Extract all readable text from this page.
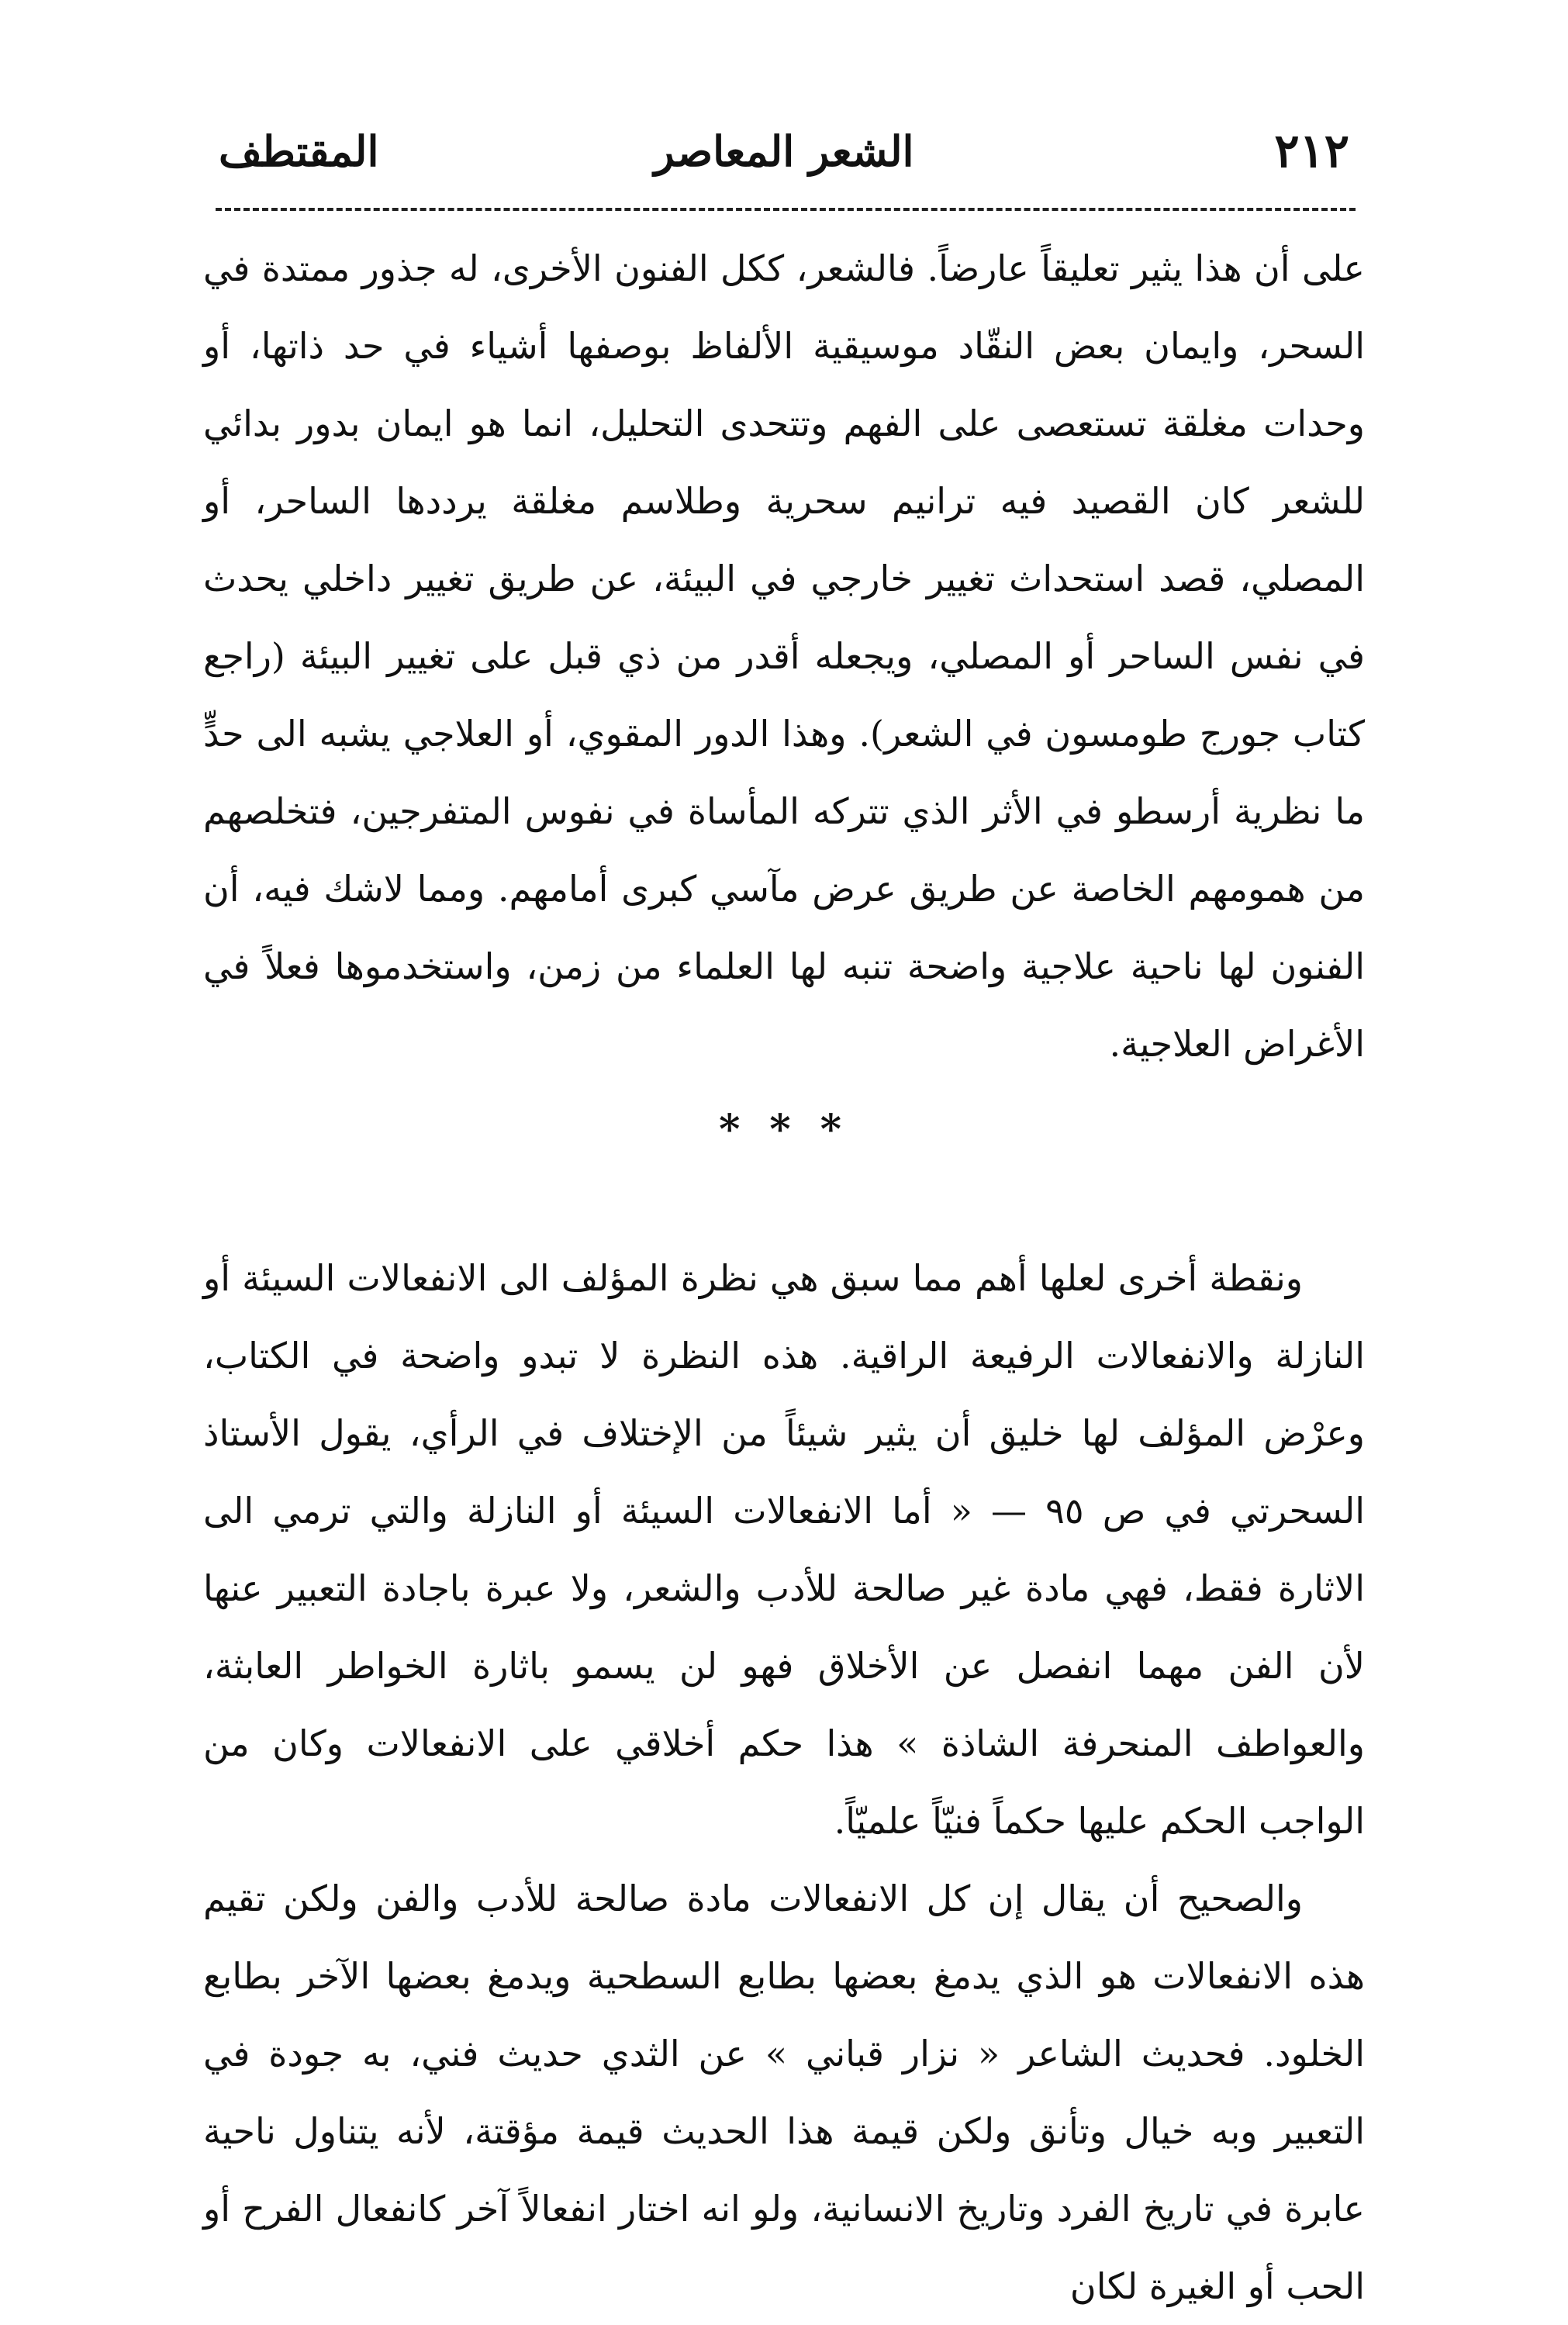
٢١٢
الشعر المعاصر
المقتطف

على أن هذا يثير تعليقاً عارضاً. فالشعر، ككل الفنون الأخرى، له جذور ممتدة في السحر، وايمان بعض النقّاد موسيقية الألفاظ بوصفها أشياء في حد ذاتها، أو وحدات مغلقة تستعصى على الفهم وتتحدى التحليل، انما هو ايمان بدور بدائي للشعر كان القصيد فيه ترانيم سحرية وطلاسم مغلقة يرددها الساحر، أو المصلي، قصد استحداث تغيير خارجي في البيئة، عن طريق تغيير داخلي يحدث في نفس الساحر أو المصلي، ويجعله أقدر من ذي قبل على تغيير البيئة (راجع كتاب جورج طومسون في الشعر). وهذا الدور المقوي، أو العلاجي يشبه الى حدٍّ ما نظرية أرسطو في الأثر الذي تتركه المأساة في نفوس المتفرجين، فتخلصهم من همومهم الخاصة عن طريق عرض مآسي كبرى أمامهم. ومما لاشك فيه، أن الفنون لها ناحية علاجية واضحة تنبه لها العلماء من زمن، واستخدموها فعلاً في الأغراض العلاجية.

* * *

ونقطة أخرى لعلها أهم مما سبق هي نظرة المؤلف الى الانفعالات السيئة أو النازلة والانفعالات الرفيعة الراقية. هذه النظرة لا تبدو واضحة في الكتاب، وعرْض المؤلف لها خليق أن يثير شيئاً من الإختلاف في الرأي، يقول الأستاذ السحرتي في ص ٩٥ — « أما الانفعالات السيئة أو النازلة والتي ترمي الى الاثارة فقط، فهي مادة غير صالحة للأدب والشعر، ولا عبرة باجادة التعبير عنها لأن الفن مهما انفصل عن الأخلاق فهو لن يسمو باثارة الخواطر العابثة، والعواطف المنحرفة الشاذة » هذا حكم أخلاقي على الانفعالات وكان من الواجب الحكم عليها حكماً فنيّاً علميّاً.

والصحيح أن يقال إن كل الانفعالات مادة صالحة للأدب والفن ولكن تقيم هذه الانفعالات هو الذي يدمغ بعضها بطابع السطحية ويدمغ بعضها الآخر بطابع الخلود. فحديث الشاعر « نزار قباني » عن الثدي حديث فني، به جودة في التعبير وبه خيال وتأنق ولكن قيمة هذا الحديث قيمة مؤقتة، لأنه يتناول ناحية عابرة في تاريخ الفرد وتاريخ الانسانية، ولو انه اختار انفعالاً آخر كانفعال الفرح أو الحب أو الغيرة لكان
